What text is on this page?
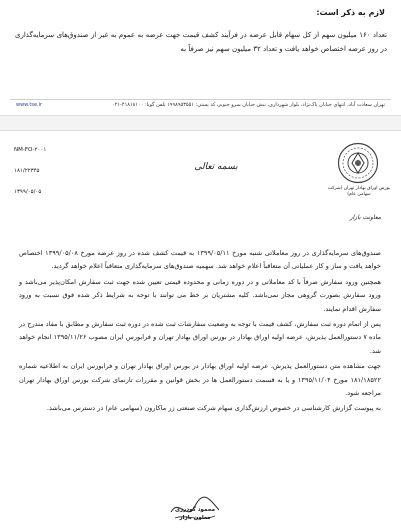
لازم به ذکر است:
تعداد ۱۶۰ میلیون سهم از کل سهام قابل عرضه در فرآیند کشف قیمت جهت عرضه به عموم به غیر از صندوق‌های سرمایه‌گذاری در روز عرضه اختصاص خواهد یافت و تعداد ۳۲ میلیون سهم نیز صرفاً به
www.tse.ir	تهران سعادت آباد، انتهای خیابان پاک‌نژاد، بلوار شهرداری، نبش خیابان سرو جنوبی کد پستی: ۱۹۹۸۹۵۳۵۵۱ تلفن گویا: ۴۱۸۱۸۱۰۰-۰۲۱
بورس اوراق بهادار تهران (شرکت سهامی عام)
بسمه تعالی
NM-FO-۲۰۰۱
۱۸۱/۲۲۳۴۵
۱۳۹۹/۰۵/۰۵
معاونت بازار

صندوق‌های سرمایه‌گذاری در روز معاملاتی شنبه مورخ ۱۳۹۹/۰۵/۱۱ به قیمت کشف شده در روز عرضه مورخ ۱۳۹۹/۰۵/۰۸ اختصاص خواهد یافت و ساز و کار عملیاتی آن متعاقباً اعلام خواهد شد. سهمیه صندوق‌های سرمایه‌گذاری متعاقباً اعلام خواهد گردید.

همچنین ورود سفارش صرفاً با کد معاملاتی و در دوره زمانی و محدوده قیمتی تعیین شده جهت ثبت سفارش امکان‌پذیر می‌باشد و ورود سفارش بصورت گروهی مجاز نمی‌باشد. کلیه مشتریان بر خط می توانند با توجه به شرایط ذکر شده فوق نسبت به ورود سفارش اقدام نمایند.

پس از اتمام دوره ثبت سفارش، کشف قیمت با توجه به وضعیت سفارشات ثبت شده در دوره ثبت سفارش و مطابق با مفاد مندرج در ماده ۷ دستورالعمل پذیرش، عرضه اولیه اوراق بهادار در بورس اوراق بهادار تهران و فرابورس ایران مصوب ۱۳۹۵/۱۱/۲۶ انجام خواهد شد.

جهت مشاهده متن دستورالعمل پذیرش، عرضه اولیه اوراق بهادار در بورس اوراق بهادار تهران و فرابورس ایران به اطلاعیه شماره ۱۸۱/۱۸۵۲۲ مورخ ۱۳۹۵/۱۱/۰۴ و یا به قسمت دستورالعمل ها در بخش قوانین و مقررات تارنمای شرکت بورس اوراق بهادار تهران مراجعه شود.

به پیوست گزارش کارشناسی در خصوص ارزش‌گذاری سهام شرکت صنعتی زر ماکارون (سهامی عام) در دسترس می‌باشد.

محمود گودرزی
معاون بازار
